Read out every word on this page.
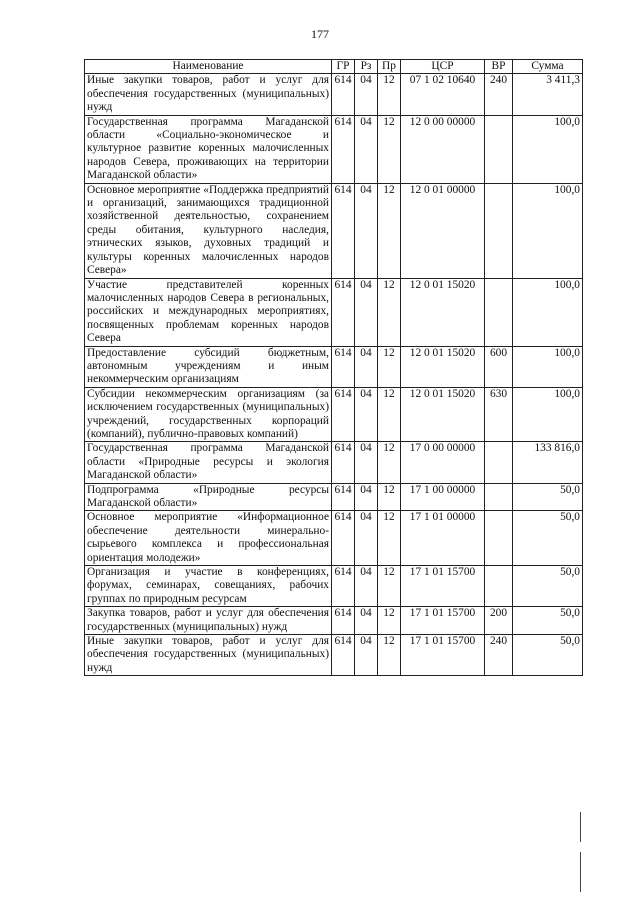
177
Наименование	ГР	Рз	Пр	ЦСР	ВР	Сумма
Иные закупки товаров, работ и услуг для обеспечения государственных (муниципальных) нужд	614	04	12	07 1 02 10640	240	3 411,3
Государственная программа Магаданской области «Социально-экономическое и культурное развитие коренных малочисленных народов Севера, проживающих на территории Магаданской области»	614	04	12	12 0 00 00000		100,0
Основное мероприятие «Поддержка предприятий и организаций, занимающихся традиционной хозяйственной деятельностью, сохранением среды обитания, культурного наследия, этнических языков, духовных традиций и культуры коренных малочисленных народов Севера»	614	04	12	12 0 01 00000		100,0
Участие представителей коренных малочисленных народов Севера в региональных, российских и международных мероприятиях, посвященных проблемам коренных народов Севера	614	04	12	12 0 01 15020		100,0
Предоставление субсидий бюджетным, автономным учреждениям и иным некоммерческим организациям	614	04	12	12 0 01 15020	600	100,0
Субсидии некоммерческим организациям (за исключением государственных (муниципальных) учреждений, государственных корпораций (компаний), публично-правовых компаний)	614	04	12	12 0 01 15020	630	100,0
Государственная программа Магаданской области «Природные ресурсы и экология Магаданской области»	614	04	12	17 0 00 00000		133 816,0
Подпрограмма «Природные ресурсы Магаданской области»	614	04	12	17 1 00 00000		50,0
Основное мероприятие «Информационное обеспечение деятельности минерально-сырьевого комплекса и профессиональная ориентация молодежи»	614	04	12	17 1 01 00000		50,0
Организация и участие в конференциях, форумах, семинарах, совещаниях, рабочих группах по природным ресурсам	614	04	12	17 1 01 15700		50,0
Закупка товаров, работ и услуг для обеспечения государственных (муниципальных) нужд	614	04	12	17 1 01 15700	200	50,0
Иные закупки товаров, работ и услуг для обеспечения государственных (муниципальных) нужд	614	04	12	17 1 01 15700	240	50,0
